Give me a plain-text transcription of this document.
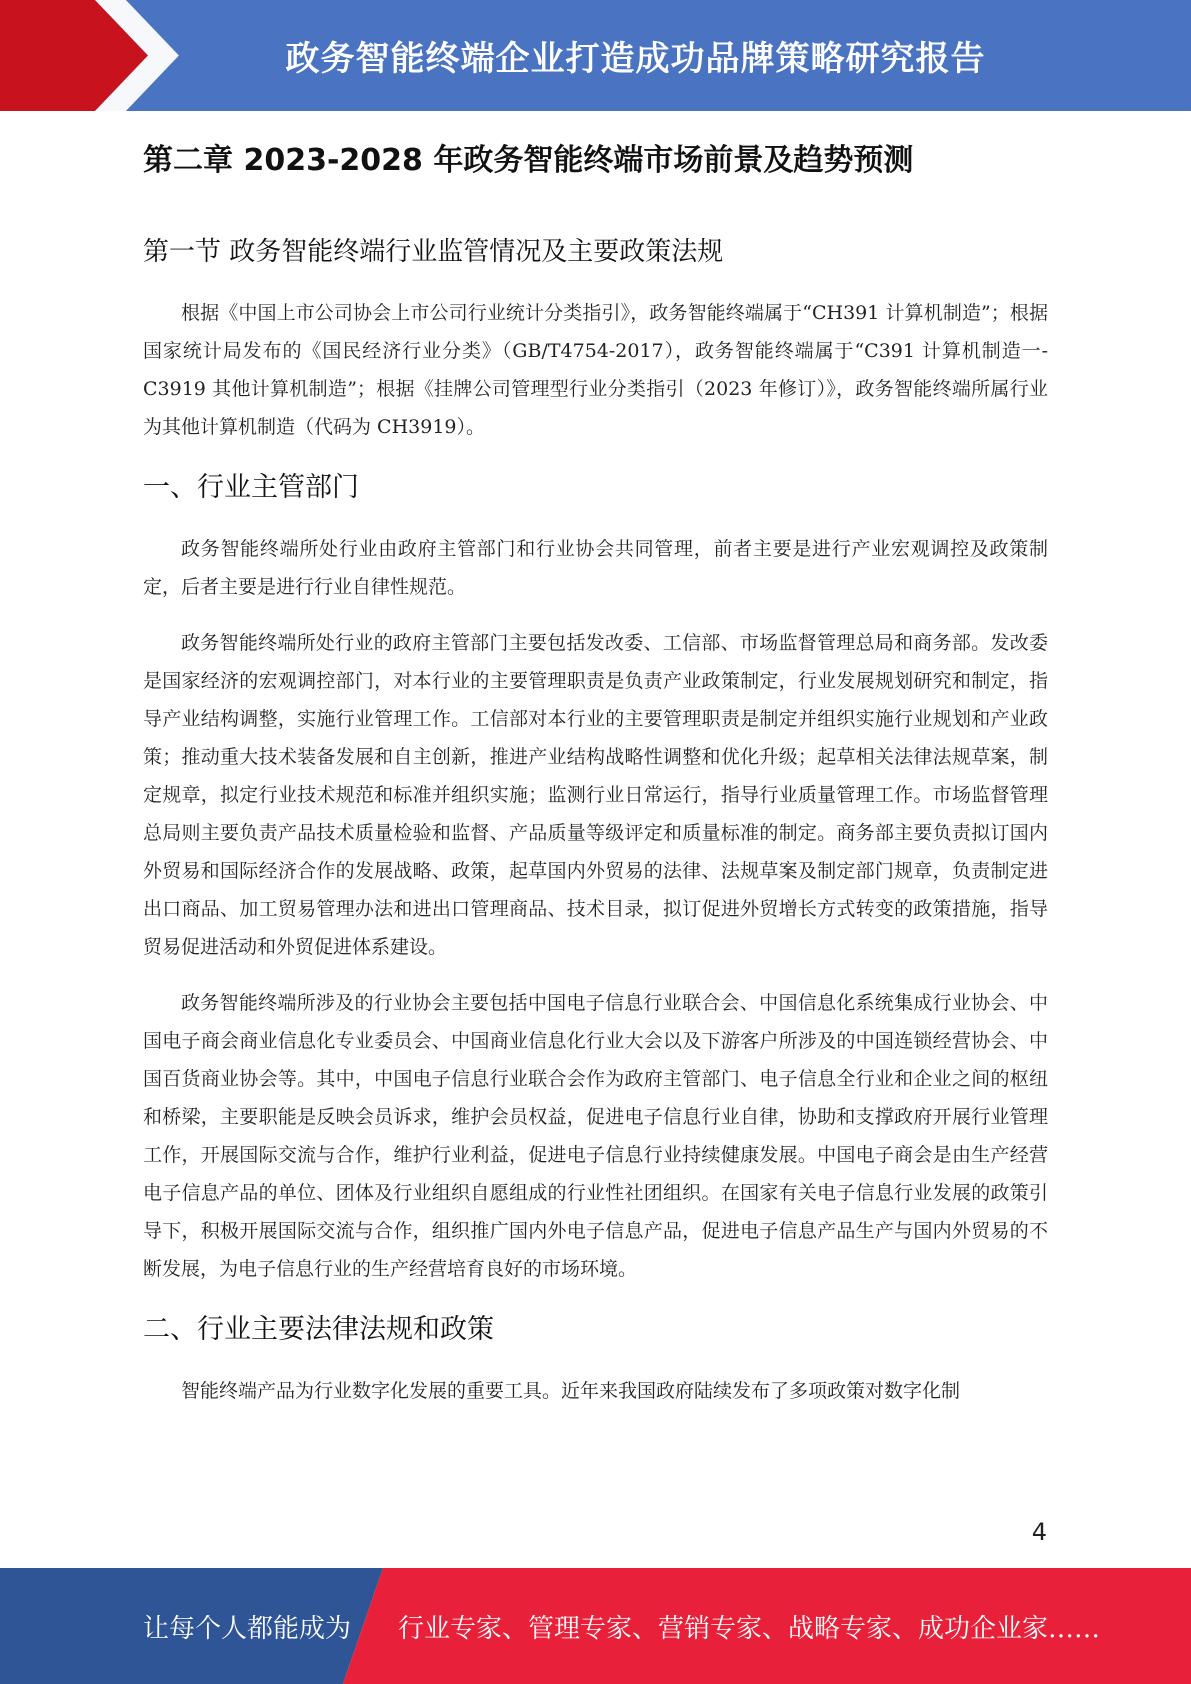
政务智能终端企业打造成功品牌策略研究报告
第二章 2023-2028 年政务智能终端市场前景及趋势预测
第一节 政务智能终端行业监管情况及主要政策法规

根据《中国上市公司协会上市公司行业统计分类指引》，政务智能终端属于“CH391 计算机制造”；根据国家统计局发布的《国民经济行业分类》（GB/T4754-2017），政务智能终端属于“C391 计算机制造一-C3919 其他计算机制造”；根据《挂牌公司管理型行业分类指引（2023 年修订）》，政务智能终端所属行业为其他计算机制造（代码为 CH3919）。

一、行业主管部门

政务智能终端所处行业由政府主管部门和行业协会共同管理，前者主要是进行产业宏观调控及政策制定，后者主要是进行行业自律性规范。

政务智能终端所处行业的政府主管部门主要包括发改委、工信部、市场监督管理总局和商务部。发改委是国家经济的宏观调控部门，对本行业的主要管理职责是负责产业政策制定，行业发展规划研究和制定，指导产业结构调整，实施行业管理工作。工信部对本行业的主要管理职责是制定并组织实施行业规划和产业政策；推动重大技术装备发展和自主创新，推进产业结构战略性调整和优化升级；起草相关法律法规草案，制定规章，拟定行业技术规范和标准并组织实施；监测行业日常运行，指导行业质量管理工作。市场监督管理总局则主要负责产品技术质量检验和监督、产品质量等级评定和质量标准的制定。商务部主要负责拟订国内外贸易和国际经济合作的发展战略、政策，起草国内外贸易的法律、法规草案及制定部门规章，负责制定进出口商品、加工贸易管理办法和进出口管理商品、技术目录，拟订促进外贸增长方式转变的政策措施，指导贸易促进活动和外贸促进体系建设。

政务智能终端所涉及的行业协会主要包括中国电子信息行业联合会、中国信息化系统集成行业协会、中国电子商会商业信息化专业委员会、中国商业信息化行业大会以及下游客户所涉及的中国连锁经营协会、中国百货商业协会等。其中，中国电子信息行业联合会作为政府主管部门、电子信息全行业和企业之间的枢纽和桥梁，主要职能是反映会员诉求，维护会员权益，促进电子信息行业自律，协助和支撑政府开展行业管理工作，开展国际交流与合作，维护行业利益，促进电子信息行业持续健康发展。中国电子商会是由生产经营电子信息产品的单位、团体及行业组织自愿组成的行业性社团组织。在国家有关电子信息行业发展的政策引导下，积极开展国际交流与合作，组织推广国内外电子信息产品，促进电子信息产品生产与国内外贸易的不断发展，为电子信息行业的生产经营培育良好的市场环境。

二、行业主要法律法规和政策

智能终端产品为行业数字化发展的重要工具。近年来我国政府陆续发布了多项政策对数字化制

4
让每个人都能成为 行业专家、管理专家、营销专家、战略专家、成功企业家……
